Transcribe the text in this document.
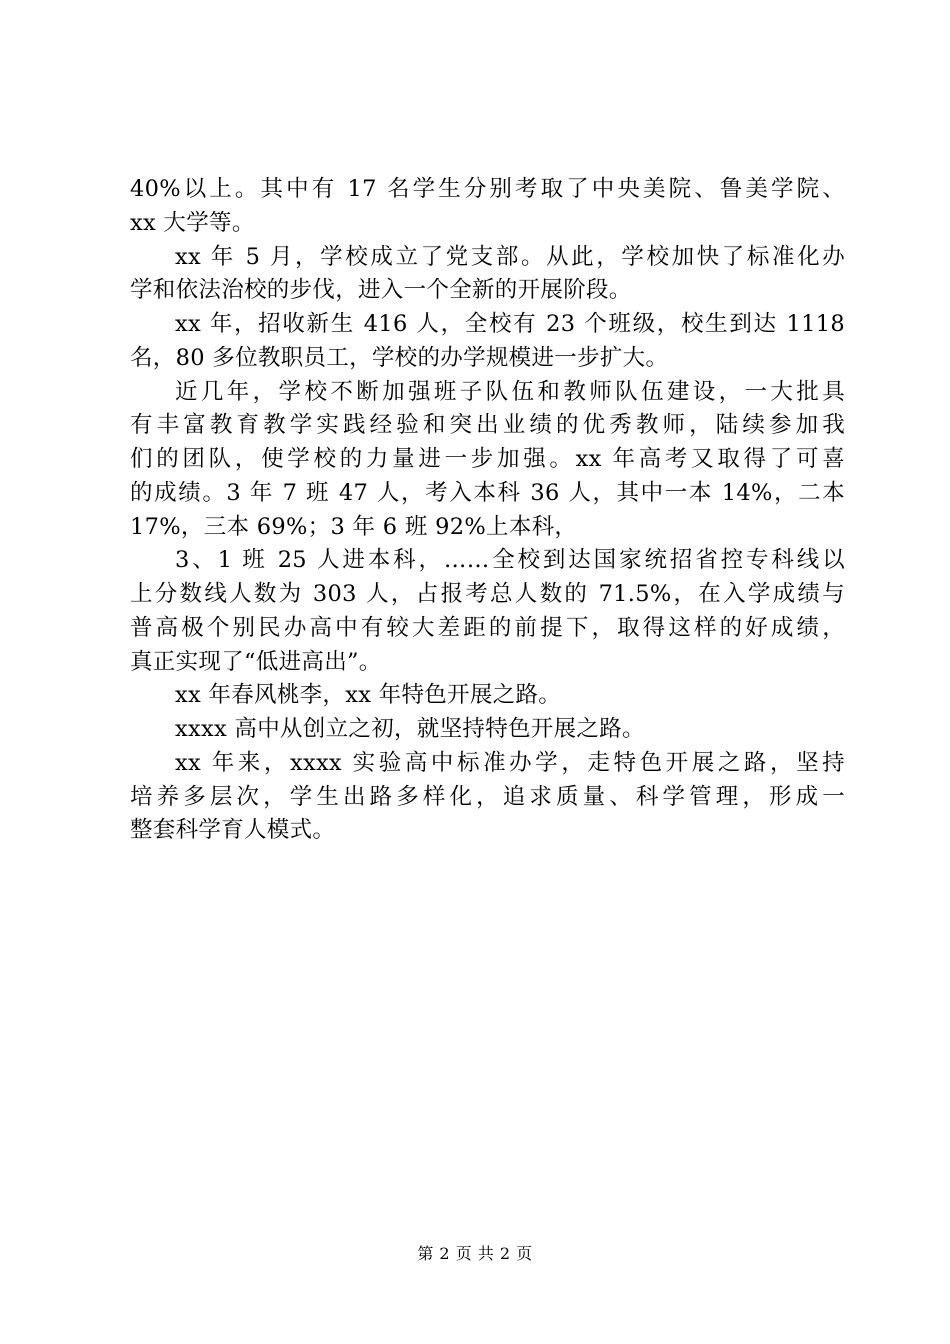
40%以上。其中有 17 名学生分别考取了中央美院、鲁美学院、
xx 大学等。
xx 年 5 月，学校成立了党支部。从此，学校加快了标准化办
学和依法治校的步伐，进入一个全新的开展阶段。
xx 年，招收新生 416 人，全校有 23 个班级，校生到达 1118
名，80 多位教职员工，学校的办学规模进一步扩大。
近几年，学校不断加强班子队伍和教师队伍建设，一大批具
有丰富教育教学实践经验和突出业绩的优秀教师，陆续参加我
们的团队，使学校的力量进一步加强。xx 年高考又取得了可喜
的成绩。3 年 7 班 47 人，考入本科 36 人，其中一本 14%，二本
17%，三本 69%；3 年 6 班 92%上本科，
3、1 班 25 人进本科，……全校到达国家统招省控专科线以
上分数线人数为 303 人，占报考总人数的 71.5%，在入学成绩与
普高极个别民办高中有较大差距的前提下，取得这样的好成绩，
真正实现了“低进高出”。
xx 年春风桃李，xx 年特色开展之路。
xxxx 高中从创立之初，就坚持特色开展之路。
xx 年来，xxxx 实验高中标准办学，走特色开展之路，坚持
培养多层次，学生出路多样化，追求质量、科学管理，形成一
整套科学育人模式。
第 2 页 共 2 页
